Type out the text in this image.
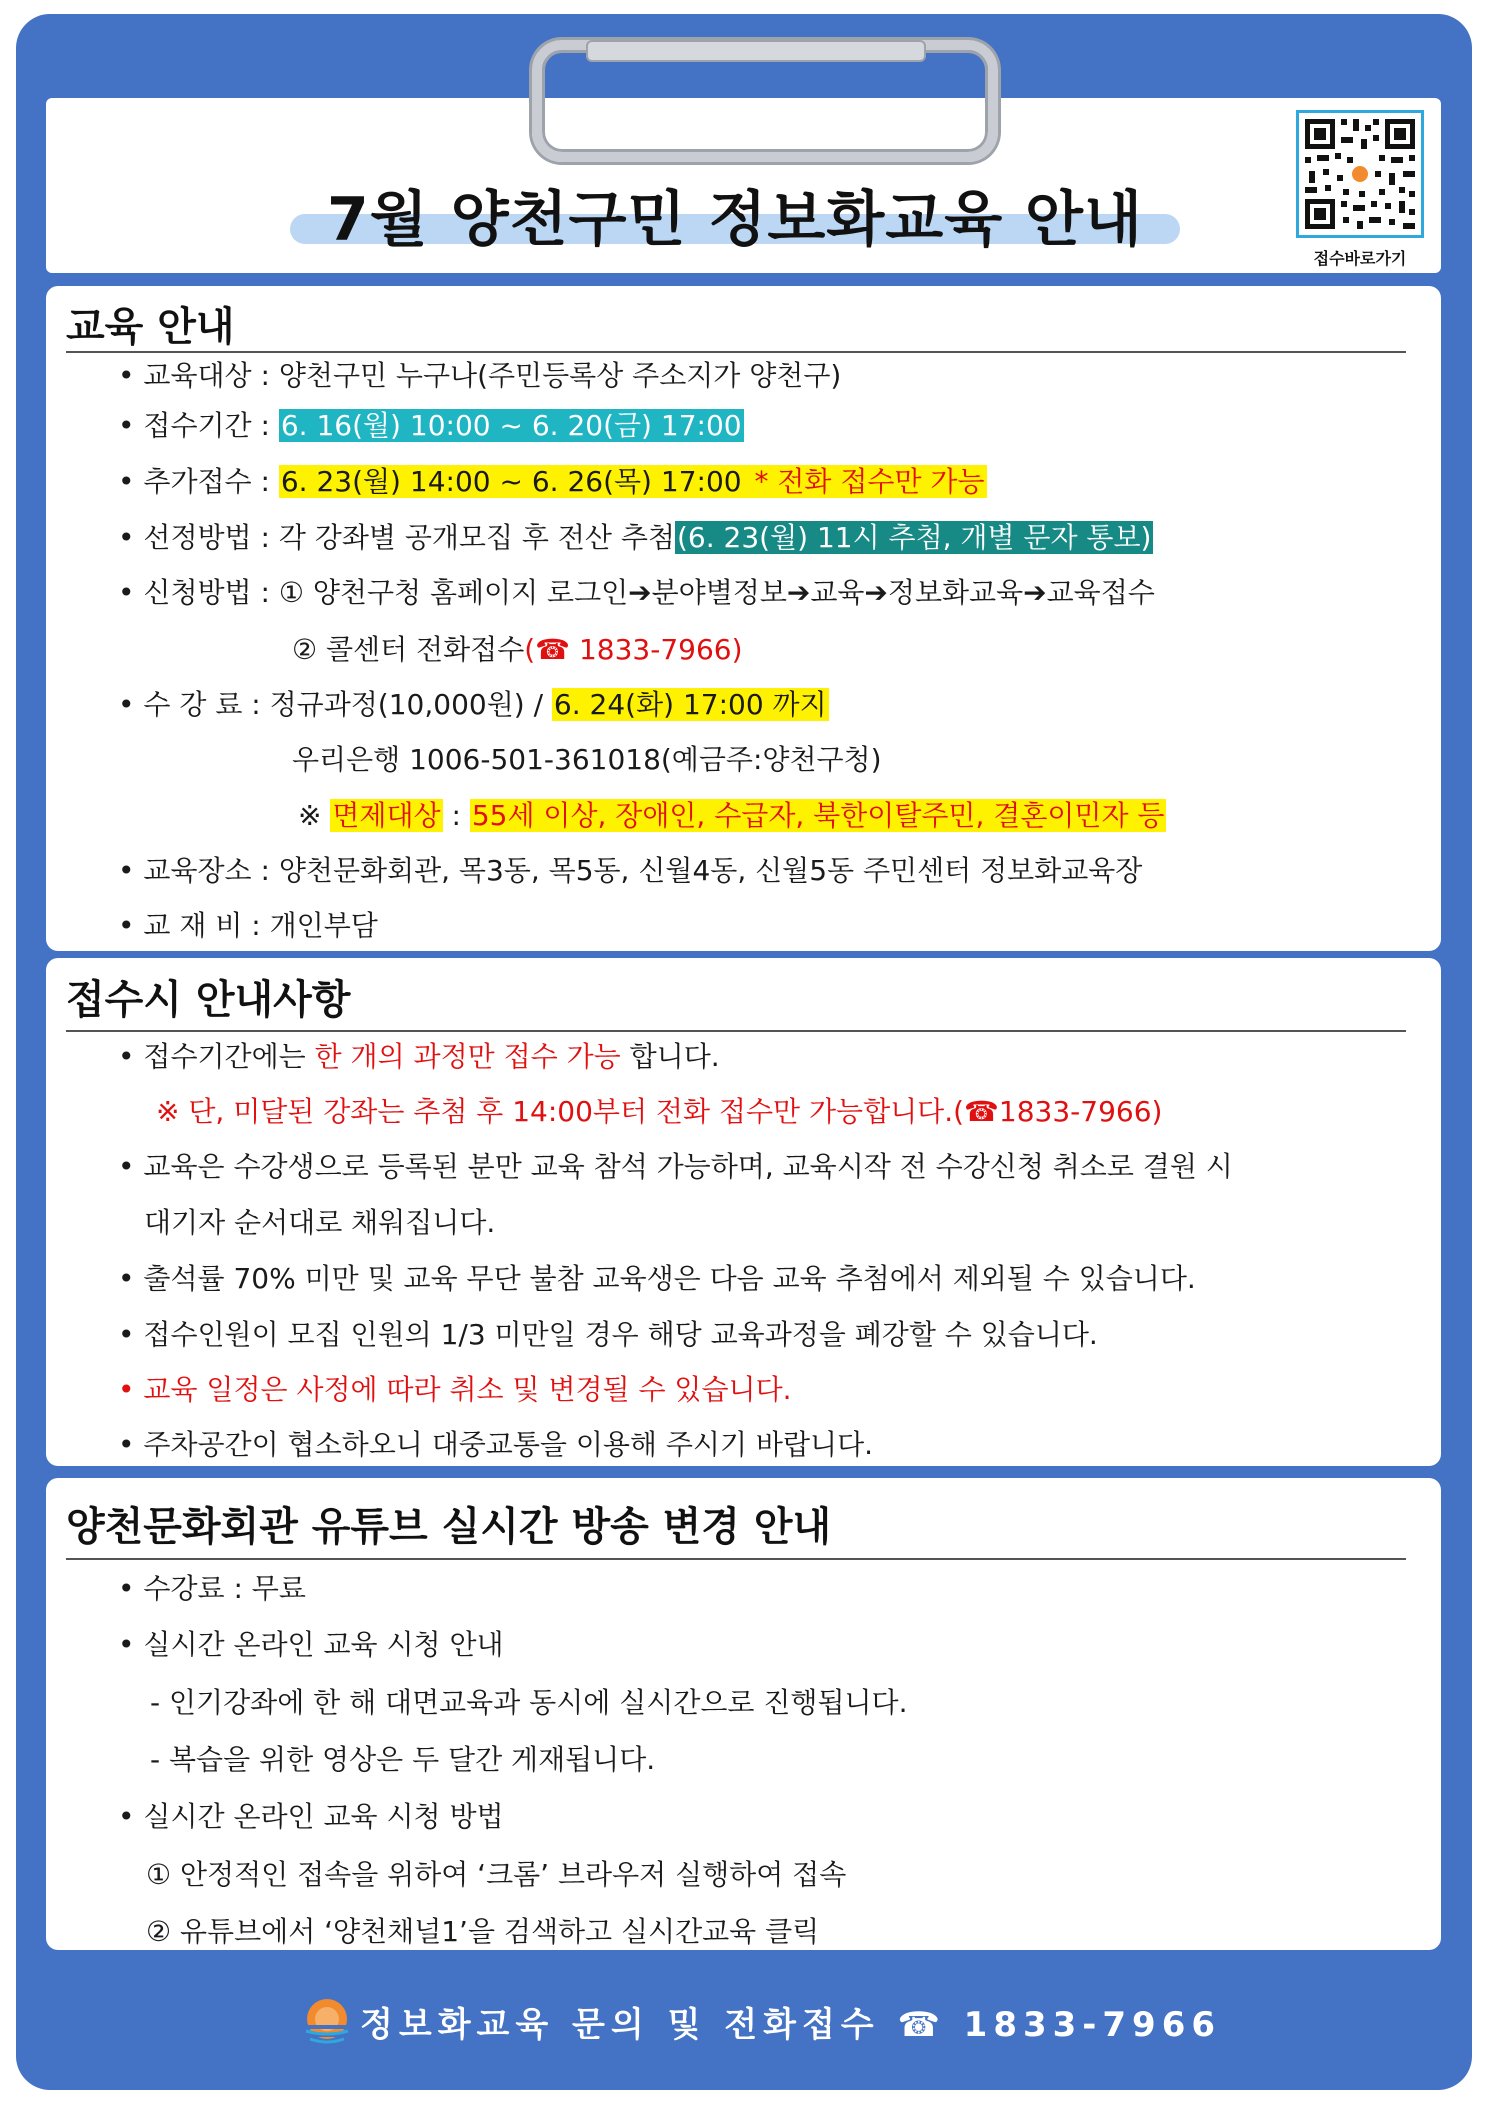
7월 양천구민 정보화교육 안내
접수바로가기
교육 안내
• 교육대상 : 양천구민 누구나(주민등록상 주소지가 양천구)
• 접수기간 : 6. 16(월) 10:00 ~ 6. 20(금) 17:00
• 추가접수 : 6. 23(월) 14:00 ~ 6. 26(목) 17:00 * 전화 접수만 가능
• 선정방법 : 각 강좌별 공개모집 후 전산 추첨(6. 23(월) 11시 추첨, 개별 문자 통보)
• 신청방법 : ① 양천구청 홈페이지 로그인➔분야별정보➔교육➔정보화교육➔교육접수
② 콜센터 전화접수(☎ 1833-7966)
• 수 강 료 : 정규과정(10,000원) / 6. 24(화) 17:00 까지
우리은행 1006-501-361018(예금주:양천구청)
※ 면제대상 : 55세 이상, 장애인, 수급자, 북한이탈주민, 결혼이민자 등
• 교육장소 : 양천문화회관, 목3동, 목5동, 신월4동, 신월5동 주민센터 정보화교육장
• 교 재 비 : 개인부담
접수시 안내사항
• 접수기간에는 한 개의 과정만 접수 가능 합니다.
※ 단, 미달된 강좌는 추첨 후 14:00부터 전화 접수만 가능합니다.(☎1833-7966)
• 교육은 수강생으로 등록된 분만 교육 참석 가능하며, 교육시작 전 수강신청 취소로 결원 시
대기자 순서대로 채워집니다.
• 출석률 70% 미만 및 교육 무단 불참 교육생은 다음 교육 추첨에서 제외될 수 있습니다.
• 접수인원이 모집 인원의 1/3 미만일 경우 해당 교육과정을 폐강할 수 있습니다.
• 교육 일정은 사정에 따라 취소 및 변경될 수 있습니다.
• 주차공간이 협소하오니 대중교통을 이용해 주시기 바랍니다.
양천문화회관 유튜브 실시간 방송 변경 안내
• 수강료 : 무료
• 실시간 온라인 교육 시청 안내
- 인기강좌에 한 해 대면교육과 동시에 실시간으로 진행됩니다.
- 복습을 위한 영상은 두 달간 게재됩니다.
• 실시간 온라인 교육 시청 방법
① 안정적인 접속을 위하여 ‘크롬’ 브라우저 실행하여 접속
② 유튜브에서 ‘양천채널1’을 검색하고 실시간교육 클릭
정보화교육 문의 및 전화접수 ☎ 1833-7966
